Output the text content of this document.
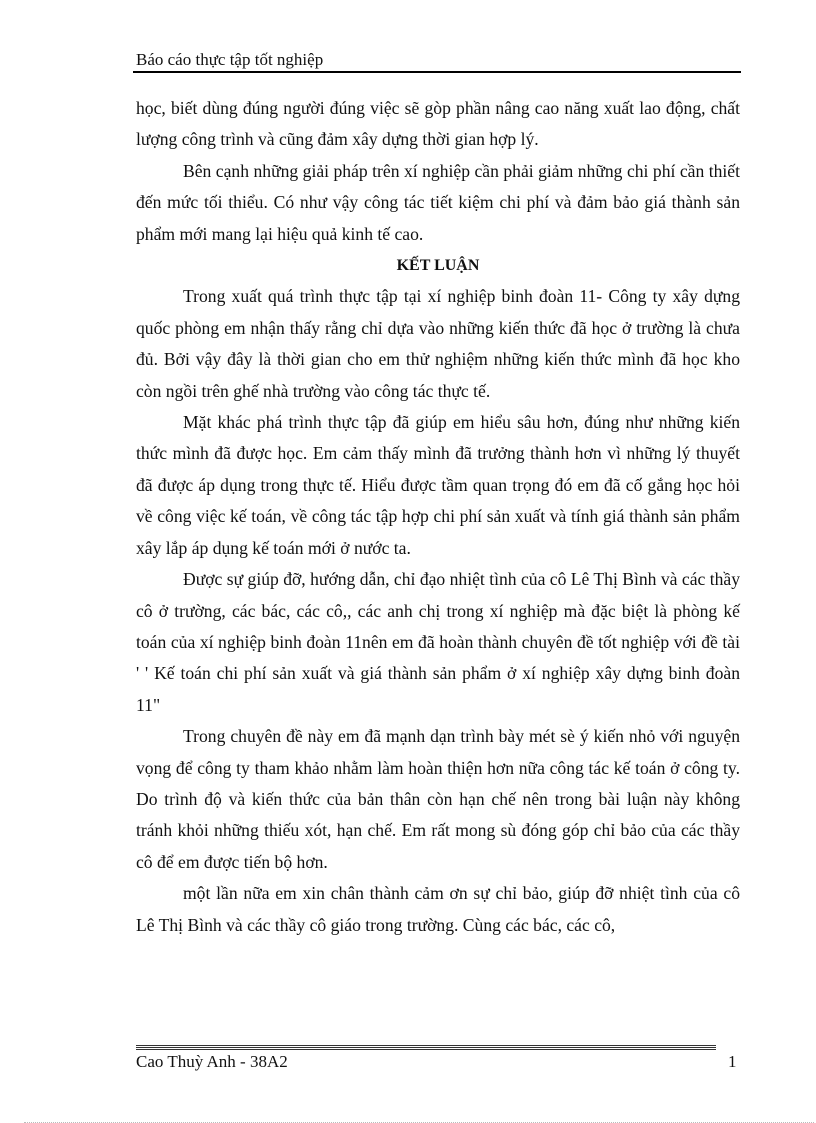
Báo cáo thực tập tốt nghiệp

học, biết dùng đúng người đúng việc sẽ gòp phần nâng cao năng xuất lao động, chất lượng công trình và cũng đảm xây dựng thời gian hợp lý.

Bên cạnh những giải pháp trên xí nghiệp cần phải giảm những chi phí cần thiết đến mức tối thiểu. Có như vậy công tác tiết kiệm chi phí và đảm bảo giá thành sản phẩm mới mang lại hiệu quả kinh tế cao.

KẾT LUẬN

Trong xuất quá trình thực tập tại xí nghiệp binh đoàn 11- Công ty xây dựng quốc phòng em nhận thấy rằng chỉ dựa vào những kiến thức đã học ở trường là chưa đủ. Bởi vậy đây là thời gian cho em thử nghiệm những kiến thức mình đã học kho còn ngồi trên ghế nhà trường vào công tác thực tế.

Mặt khác phá trình thực tập đã giúp em hiểu sâu hơn, đúng như những kiến thức mình đã được học. Em cảm thấy mình đã trưởng thành hơn vì những lý thuyết đã được áp dụng trong thực tế. Hiểu được tầm quan trọng đó em đã cố gắng học hỏi về công việc kế toán, về công tác tập hợp chi phí sản xuất và tính giá thành sản phẩm xây lắp áp dụng kế toán mới ở nước ta.

Được sự giúp đỡ, hướng dẫn, chỉ đạo nhiệt tình của cô Lê Thị Bình và các thầy cô ở trường, các bác, các cô,, các anh chị trong xí nghiệp mà đặc biệt là phòng kế toán của xí nghiệp binh đoàn 11nên em đã hoàn thành chuyên đề tốt nghiệp với đề tài ' ' Kế toán chi phí sản xuất và giá thành sản phẩm ở xí nghiệp xây dựng binh đoàn 11"

Trong chuyên đề này em đã mạnh dạn trình bày mét sè ý kiến nhỏ với nguyện vọng để công ty tham khảo nhằm làm hoàn thiện hơn nữa công tác kế toán ở công ty. Do trình độ và kiến thức của bản thân còn hạn chế nên trong bài luận này không tránh khỏi những thiếu xót, hạn chế. Em rất mong sù đóng góp chỉ bảo của các thầy cô để em được tiến bộ hơn.

một lần nữa em xin chân thành cảm ơn sự chỉ bảo, giúp đỡ nhiệt tình của cô Lê Thị Bình và các thầy cô giáo trong trường. Cùng các bác, các cô,

Cao Thuỳ Anh - 38A2	1
